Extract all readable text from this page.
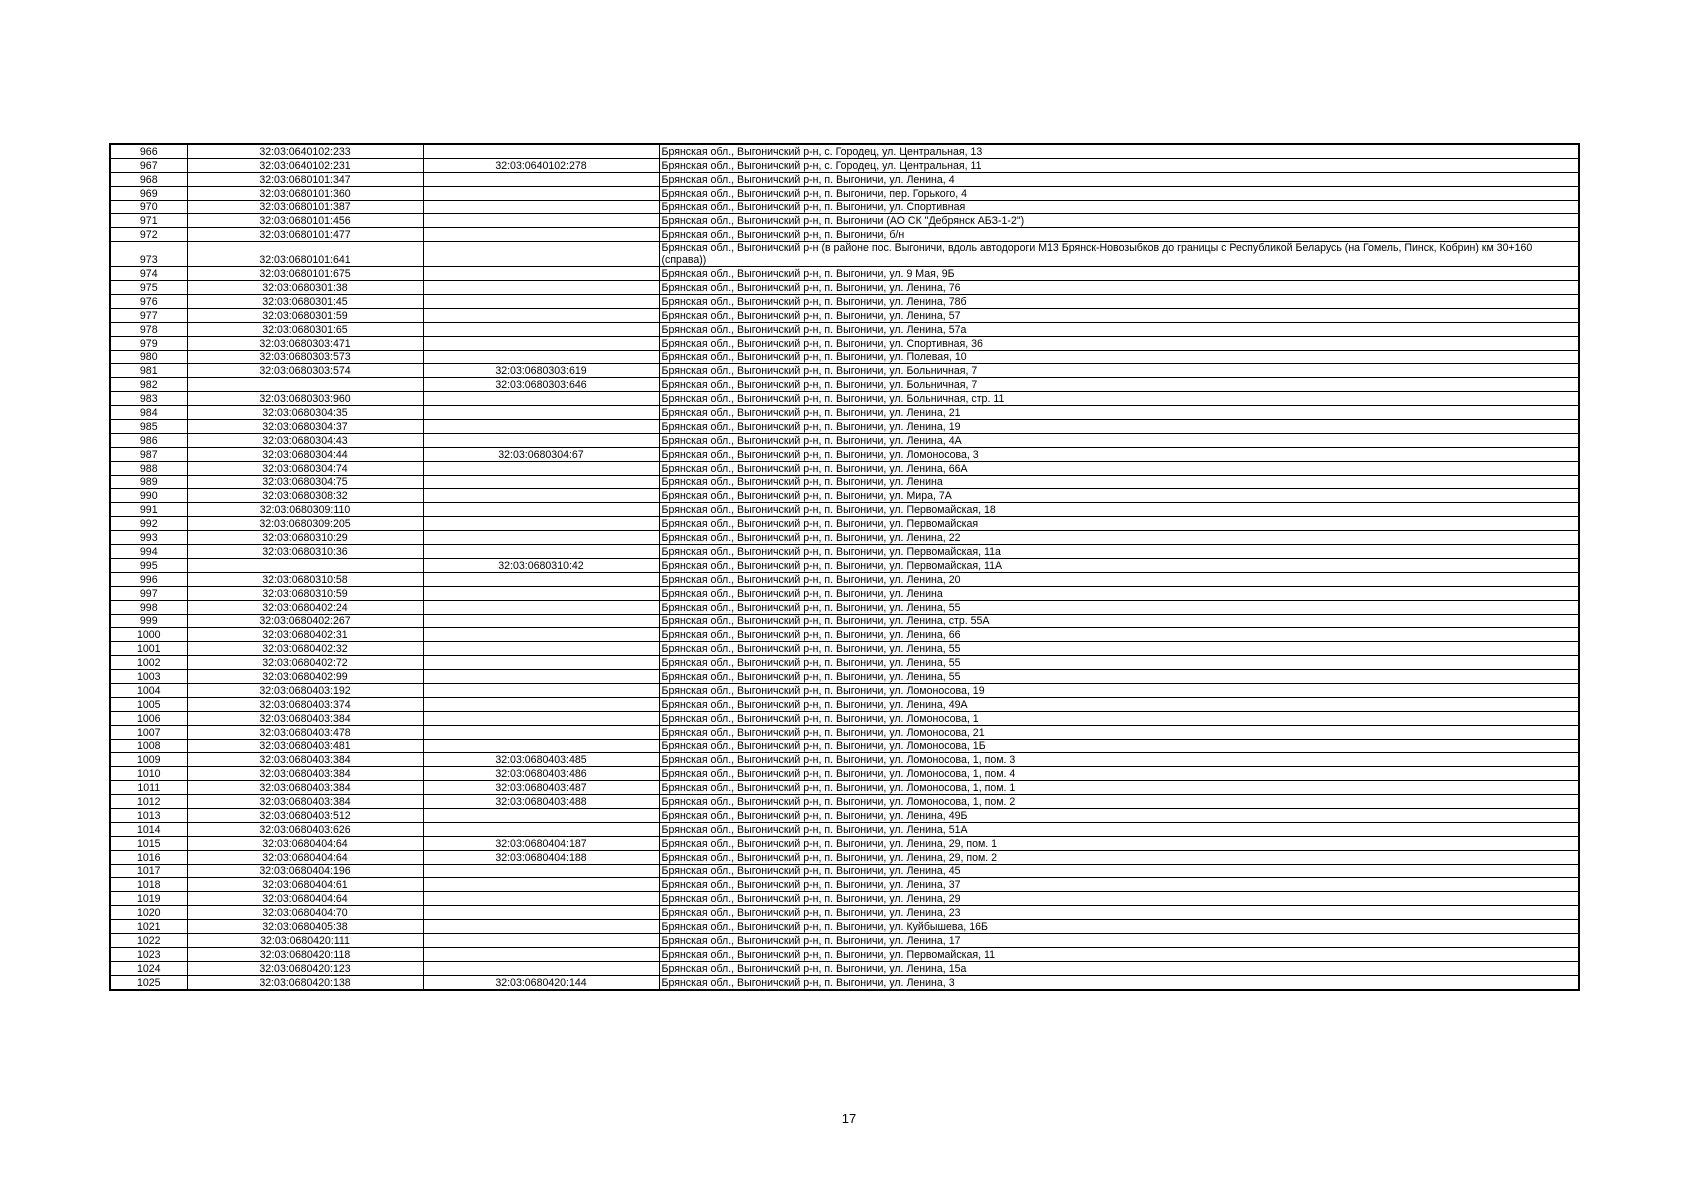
966	32:03:0640102:233		Брянская обл., Выгоничский р-н, с. Городец, ул. Центральная, 13
967	32:03:0640102:231	32:03:0640102:278	Брянская обл., Выгоничский р-н, с. Городец, ул. Центральная, 11
968	32:03:0680101:347		Брянская обл., Выгоничский р-н, п. Выгоничи, ул. Ленина, 4
969	32:03:0680101:360		Брянская обл., Выгоничский р-н, п. Выгоничи, пер. Горького, 4
970	32:03:0680101:387		Брянская обл., Выгоничский р-н, п. Выгоничи, ул. Спортивная
971	32:03:0680101:456		Брянская обл., Выгоничский р-н, п. Выгоничи (АО СК "Дебрянск АБЗ-1-2")
972	32:03:0680101:477		Брянская обл., Выгоничский р-н, п. Выгоничи, б/н
973	32:03:0680101:641		Брянская обл., Выгоничский р-н (в районе пос. Выгоничи, вдоль автодороги М13 Брянск-Новозыбков до границы с Республикой Беларусь (на Гомель, Пинск, Кобрин) км 30+160 (справа))
974	32:03:0680101:675		Брянская обл., Выгоничский р-н, п. Выгоничи, ул. 9 Мая, 9Б
975	32:03:0680301:38		Брянская обл., Выгоничский р-н, п. Выгоничи, ул. Ленина, 76
976	32:03:0680301:45		Брянская обл., Выгоничский р-н, п. Выгоничи, ул. Ленина, 78б
977	32:03:0680301:59		Брянская обл., Выгоничский р-н, п. Выгоничи, ул. Ленина, 57
978	32:03:0680301:65		Брянская обл., Выгоничский р-н, п. Выгоничи, ул. Ленина, 57а
979	32:03:0680303:471		Брянская обл., Выгоничский р-н, п. Выгоничи, ул. Спортивная, 36
980	32:03:0680303:573		Брянская обл., Выгоничский р-н, п. Выгоничи, ул. Полевая, 10
981	32:03:0680303:574	32:03:0680303:619	Брянская обл., Выгоничский р-н, п. Выгоничи, ул. Больничная, 7
982		32:03:0680303:646	Брянская обл., Выгоничский р-н, п. Выгоничи, ул. Больничная, 7
983	32:03:0680303:960		Брянская обл., Выгоничский р-н, п. Выгоничи, ул. Больничная, стр. 11
984	32:03:0680304:35		Брянская обл., Выгоничский р-н, п. Выгоничи, ул. Ленина, 21
985	32:03:0680304:37		Брянская обл., Выгоничский р-н, п. Выгоничи, ул. Ленина, 19
986	32:03:0680304:43		Брянская обл., Выгоничский р-н, п. Выгоничи, ул. Ленина, 4А
987	32:03:0680304:44	32:03:0680304:67	Брянская обл., Выгоничский р-н, п. Выгоничи, ул. Ломоносова, 3
988	32:03:0680304:74		Брянская обл., Выгоничский р-н, п. Выгоничи, ул. Ленина, 66А
989	32:03:0680304:75		Брянская обл., Выгоничский р-н, п. Выгоничи, ул. Ленина
990	32:03:0680308:32		Брянская обл., Выгоничский р-н, п. Выгоничи, ул. Мира, 7А
991	32:03:0680309:110		Брянская обл., Выгоничский р-н, п. Выгоничи, ул. Первомайская, 18
992	32:03:0680309:205		Брянская обл., Выгоничский р-н, п. Выгоничи, ул. Первомайская
993	32:03:0680310:29		Брянская обл., Выгоничский р-н, п. Выгоничи, ул. Ленина, 22
994	32:03:0680310:36		Брянская обл., Выгоничский р-н, п. Выгоничи, ул. Первомайская, 11а
995		32:03:0680310:42	Брянская обл., Выгоничский р-н, п. Выгоничи, ул. Первомайская, 11А
996	32:03:0680310:58		Брянская обл., Выгоничский р-н, п. Выгоничи, ул. Ленина, 20
997	32:03:0680310:59		Брянская обл., Выгоничский р-н, п. Выгоничи, ул. Ленина
998	32:03:0680402:24		Брянская обл., Выгоничский р-н, п. Выгоничи, ул. Ленина, 55
999	32:03:0680402:267		Брянская обл., Выгоничский р-н, п. Выгоничи, ул. Ленина, стр. 55А
1000	32:03:0680402:31		Брянская обл., Выгоничский р-н, п. Выгоничи, ул. Ленина, 66
1001	32:03:0680402:32		Брянская обл., Выгоничский р-н, п. Выгоничи, ул. Ленина, 55
1002	32:03:0680402:72		Брянская обл., Выгоничский р-н, п. Выгоничи, ул. Ленина, 55
1003	32:03:0680402:99		Брянская обл., Выгоничский р-н, п. Выгоничи, ул. Ленина, 55
1004	32:03:0680403:192		Брянская обл., Выгоничский р-н, п. Выгоничи, ул. Ломоносова, 19
1005	32:03:0680403:374		Брянская обл., Выгоничский р-н, п. Выгоничи, ул. Ленина, 49А
1006	32:03:0680403:384		Брянская обл., Выгоничский р-н, п. Выгоничи, ул. Ломоносова, 1
1007	32:03:0680403:478		Брянская обл., Выгоничский р-н, п. Выгоничи, ул. Ломоносова, 21
1008	32:03:0680403:481		Брянская обл., Выгоничский р-н, п. Выгоничи, ул. Ломоносова, 1Б
1009	32:03:0680403:384	32:03:0680403:485	Брянская обл., Выгоничский р-н, п. Выгоничи, ул. Ломоносова, 1, пом. 3
1010	32:03:0680403:384	32:03:0680403:486	Брянская обл., Выгоничский р-н, п. Выгоничи, ул. Ломоносова, 1, пом. 4
1011	32:03:0680403:384	32:03:0680403:487	Брянская обл., Выгоничский р-н, п. Выгоничи, ул. Ломоносова, 1, пом. 1
1012	32:03:0680403:384	32:03:0680403:488	Брянская обл., Выгоничский р-н, п. Выгоничи, ул. Ломоносова, 1, пом. 2
1013	32:03:0680403:512		Брянская обл., Выгоничский р-н, п. Выгоничи, ул. Ленина, 49Б
1014	32:03:0680403:626		Брянская обл., Выгоничский р-н, п. Выгоничи, ул. Ленина, 51А
1015	32:03:0680404:64	32:03:0680404:187	Брянская обл., Выгоничский р-н, п. Выгоничи, ул. Ленина, 29, пом. 1
1016	32:03:0680404:64	32:03:0680404:188	Брянская обл., Выгоничский р-н, п. Выгоничи, ул. Ленина, 29, пом. 2
1017	32:03:0680404:196		Брянская обл., Выгоничский р-н, п. Выгоничи, ул. Ленина, 45
1018	32:03:0680404:61		Брянская обл., Выгоничский р-н, п. Выгоничи, ул. Ленина, 37
1019	32:03:0680404:64		Брянская обл., Выгоничский р-н, п. Выгоничи, ул. Ленина, 29
1020	32:03:0680404:70		Брянская обл., Выгоничский р-н, п. Выгоничи, ул. Ленина, 23
1021	32:03:0680405:38		Брянская обл., Выгоничский р-н, п. Выгоничи, ул. Куйбышева, 16Б
1022	32:03:0680420:111		Брянская обл., Выгоничский р-н, п. Выгоничи, ул. Ленина, 17
1023	32:03:0680420:118		Брянская обл., Выгоничский р-н, п. Выгоничи, ул. Первомайская, 11
1024	32:03:0680420:123		Брянская обл., Выгоничский р-н, п. Выгоничи, ул. Ленина, 15а
1025	32:03:0680420:138	32:03:0680420:144	Брянская обл., Выгоничский р-н, п. Выгоничи, ул. Ленина, 3
17
